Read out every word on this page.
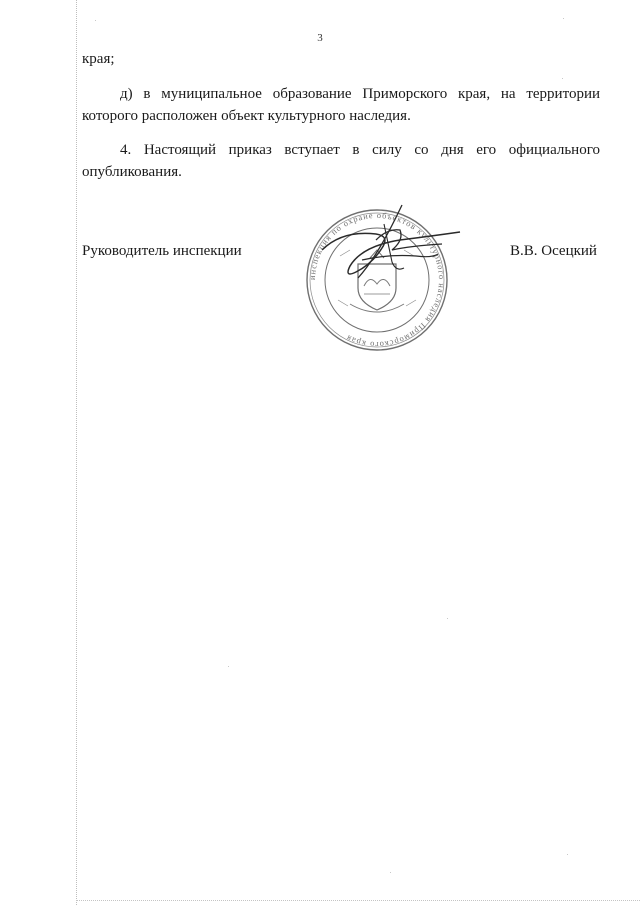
3
края;
д) в муниципальное образование Приморского края, на территории
которого расположен объект культурного наследия.
4. Настоящий приказ вступает в силу со дня его официального
опубликования.
Руководитель инспекции	В.В. Осецкий
инспекция по охране объектов культурного наследия Приморского края
